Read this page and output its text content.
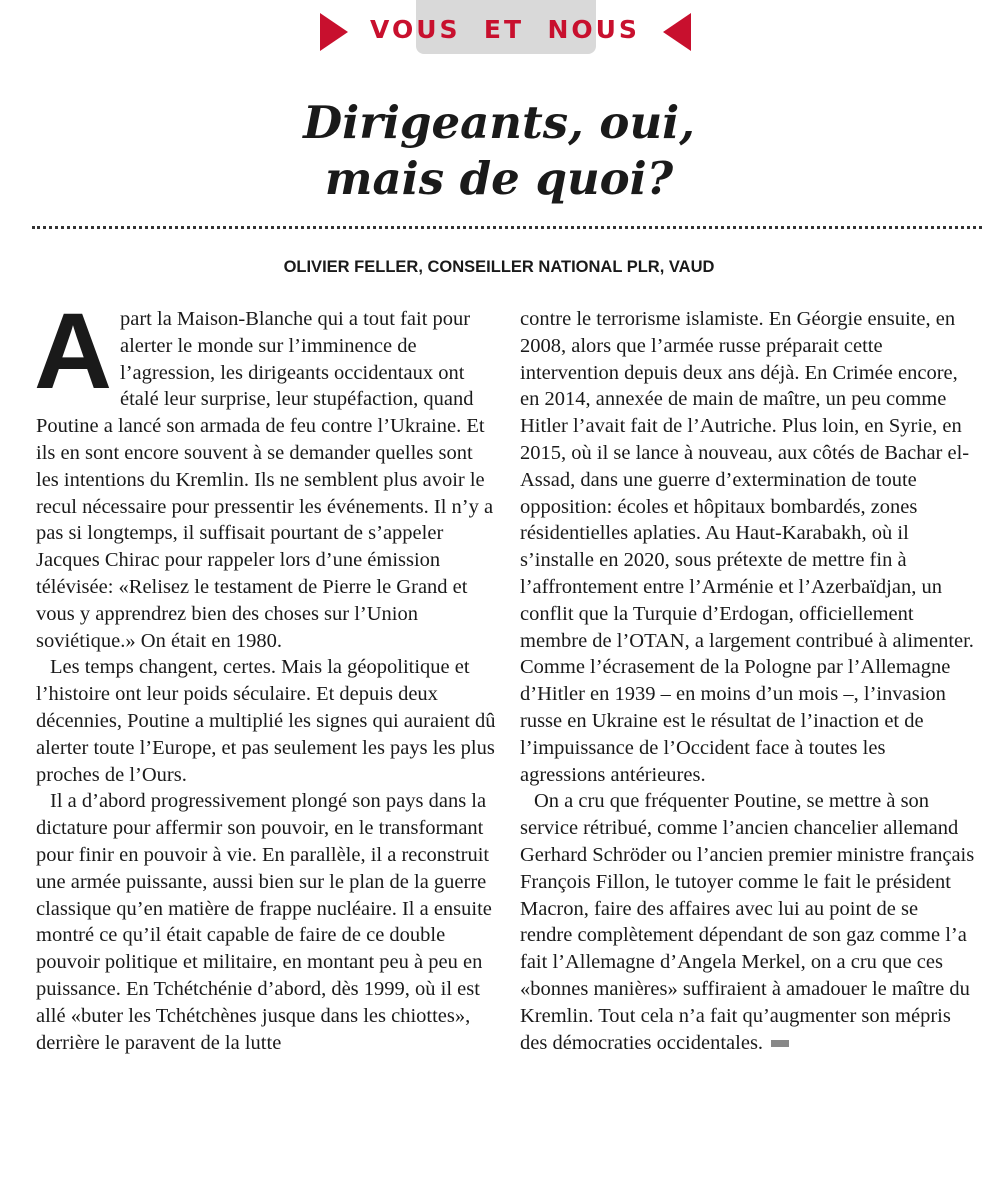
VOUS  ET  NOUS
Dirigeants, oui,
mais de quoi?
OLIVIER FELLER, CONSEILLER NATIONAL PLR, VAUD

Apart la Maison-Blanche qui a tout fait pour alerter le monde sur l’imminence de l’agression, les dirigeants occidentaux ont étalé leur surprise, leur stupéfaction, quand Poutine a lancé son armada de feu contre l’Ukraine. Et ils en sont encore souvent à se demander quelles sont les intentions du Kremlin. Ils ne semblent plus avoir le recul nécessaire pour pressentir les événements. Il n’y a pas si longtemps, il suffisait pourtant de s’appeler Jacques Chirac pour rappeler lors d’une émission télévisée: «Relisez le testament de Pierre le Grand et vous y apprendrez bien des choses sur l’Union soviétique.» On était en 1980.

Les temps changent, certes. Mais la géopolitique et l’histoire ont leur poids séculaire. Et depuis deux décennies, Poutine a multiplié les signes qui auraient dû alerter toute l’Europe, et pas seulement les pays les plus proches de l’Ours.

Il a d’abord progressivement plongé son pays dans la dictature pour affermir son pouvoir, en le transformant pour finir en pouvoir à vie. En parallèle, il a reconstruit une armée puissante, aussi bien sur le plan de la guerre classique qu’en matière de frappe nucléaire. Il a ensuite montré ce qu’il était capable de faire de ce double pouvoir politique et militaire, en montant peu à peu en puissance. En Tchétchénie d’abord, dès 1999, où il est allé «buter les Tchétchènes jusque dans les chiottes», derrière le paravent de la lutte

contre le terrorisme islamiste. En Géorgie ensuite, en 2008, alors que l’armée russe préparait cette intervention depuis deux ans déjà. En Crimée encore, en 2014, annexée de main de maître, un peu comme Hitler l’avait fait de l’Autriche. Plus loin, en Syrie, en 2015, où il se lance à nouveau, aux côtés de Bachar el-Assad, dans une guerre d’extermination de toute opposition: écoles et hôpitaux bombardés, zones résidentielles aplaties. Au Haut-Karabakh, où il s’installe en 2020, sous prétexte de mettre fin à l’affrontement entre l’Arménie et l’Azerbaïdjan, un conflit que la Turquie d’Erdogan, officiellement membre de l’OTAN, a largement contribué à alimenter. Comme l’écrasement de la Pologne par l’Allemagne d’Hitler en 1939 – en moins d’un mois –, l’invasion russe en Ukraine est le résultat de l’inaction et de l’impuissance de l’Occident face à toutes les agressions antérieures.

On a cru que fréquenter Poutine, se mettre à son service rétribué, comme l’ancien chancelier allemand Gerhard Schröder ou l’ancien premier ministre français François Fillon, le tutoyer comme le fait le président Macron, faire des affaires avec lui au point de se rendre complètement dépendant de son gaz comme l’a fait l’Allemagne d’Angela Merkel, on a cru que ces «bonnes manières» suffiraient à amadouer le maître du Kremlin. Tout cela n’a fait qu’augmenter son mépris des démocraties occidentales.
